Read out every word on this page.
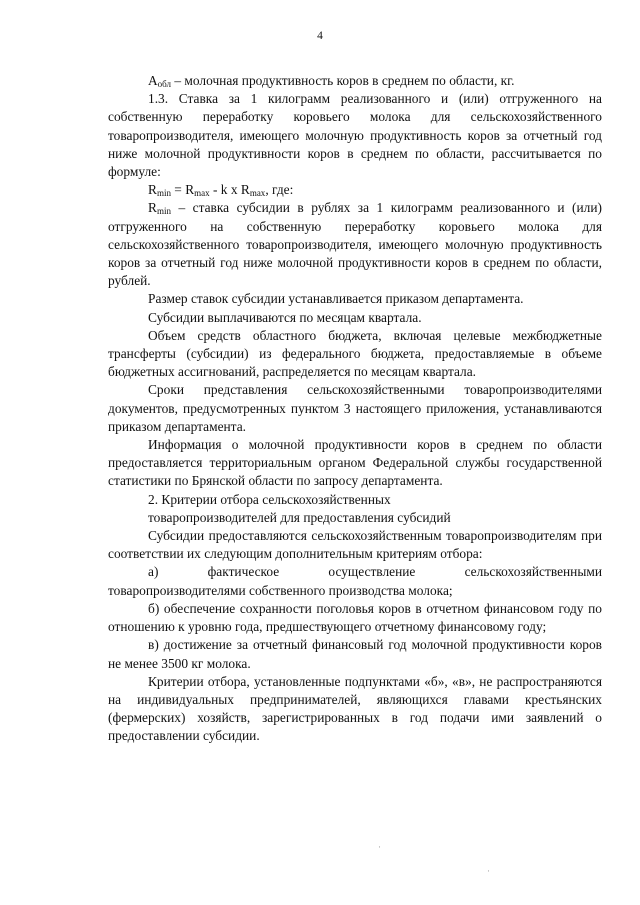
4

$А_{обл}$ – молочная продуктивность коров в среднем по области, кг.

1.3. Ставка за 1 килограмм реализованного и (или) отгруженного на собственную переработку коровьего молока для сельскохозяйственного товаропроизводителя, имеющего молочную продуктивность коров за отчетный год ниже молочной продуктивности коров в среднем по области, рассчитывается по формуле:

$R_{min} = R_{max} - k$ x $R_{max}$, где:

$R_{min}$ – ставка субсидии в рублях за 1 килограмм реализованного и (или) отгруженного на собственную переработку коровьего молока для сельскохозяйственного товаропроизводителя, имеющего молочную продуктивность коров за отчетный год ниже молочной продуктивности коров в среднем по области, рублей.

Размер ставок субсидии устанавливается приказом департамента.

Субсидии выплачиваются по месяцам квартала.

Объем средств областного бюджета, включая целевые межбюджетные трансферты (субсидии) из федерального бюджета, предоставляемые в объеме бюджетных ассигнований, распределяется по месяцам квартала.

Сроки представления сельскохозяйственными товаропроизводителями документов, предусмотренных пунктом 3 настоящего приложения, устанавливаются приказом департамента.

Информация о молочной продуктивности коров в среднем по области предоставляется территориальным органом Федеральной службы государственной статистики по Брянской области по запросу департамента.

2. Критерии отбора сельскохозяйственных
товаропроизводителей для предоставления субсидий

Субсидии предоставляются сельскохозяйственным товаропроизводителям при соответствии их следующим дополнительным критериям отбора:

а) фактическое осуществление сельскохозяйственными товаропроизводителями собственного производства молока;

б) обеспечение сохранности поголовья коров в отчетном финансовом году по отношению к уровню года, предшествующего отчетному финансовому году;

в) достижение за отчетный финансовый год молочной продуктивности коров не менее 3500 кг молока.

Критерии отбора, установленные подпунктами «б», «в», не распространяются на индивидуальных предпринимателей, являющихся главами крестьянских (фермерских) хозяйств, зарегистрированных в год подачи ими заявлений о предоставлении субсидии.

·
·
